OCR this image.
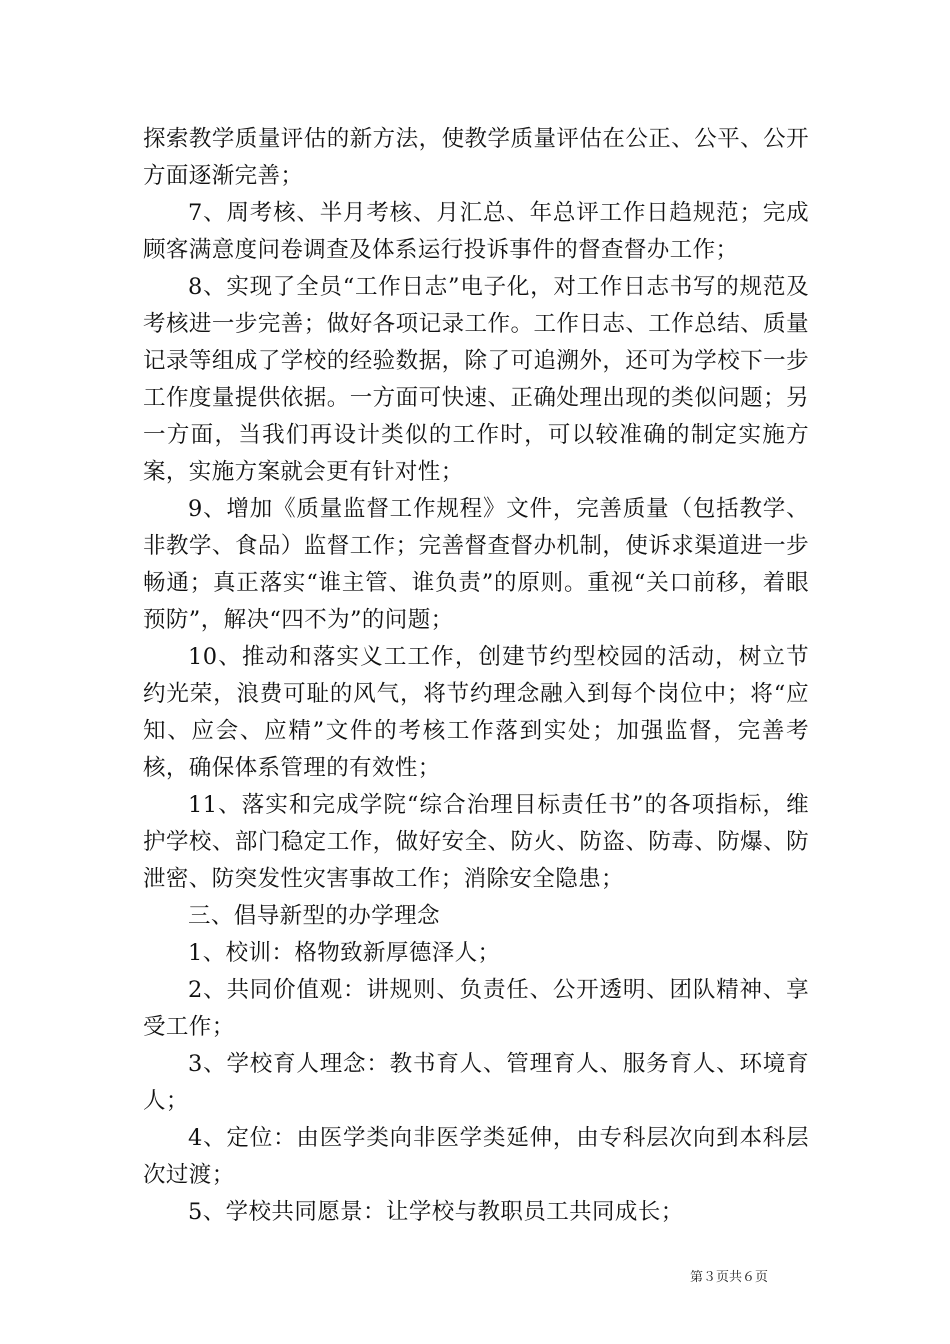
探索教学质量评估的新方法，使教学质量评估在公正、公平、公开方面逐渐完善；

7、周考核、半月考核、月汇总、年总评工作日趋规范；完成顾客满意度问卷调查及体系运行投诉事件的督查督办工作；

8、实现了全员“工作日志”电子化，对工作日志书写的规范及考核进一步完善；做好各项记录工作。工作日志、工作总结、质量记录等组成了学校的经验数据，除了可追溯外，还可为学校下一步工作度量提供依据。一方面可快速、正确处理出现的类似问题；另一方面，当我们再设计类似的工作时，可以较准确的制定实施方案，实施方案就会更有针对性；

9、增加《质量监督工作规程》文件，完善质量（包括教学、非教学、食品）监督工作；完善督查督办机制，使诉求渠道进一步畅通；真正落实“谁主管、谁负责”的原则。重视“关口前移，着眼预防”，解决“四不为”的问题；

10、推动和落实义工工作，创建节约型校园的活动，树立节约光荣，浪费可耻的风气，将节约理念融入到每个岗位中；将“应知、应会、应精”文件的考核工作落到实处；加强监督，完善考核，确保体系管理的有效性；

11、落实和完成学院“综合治理目标责任书”的各项指标，维护学校、部门稳定工作，做好安全、防火、防盗、防毒、防爆、防泄密、防突发性灾害事故工作；消除安全隐患；

三、倡导新型的办学理念

1、校训：格物致新厚德泽人；

2、共同价值观：讲规则、负责任、公开透明、团队精神、享受工作；

3、学校育人理念：教书育人、管理育人、服务育人、环境育人；

4、定位：由医学类向非医学类延伸，由专科层次向到本科层次过渡；

5、学校共同愿景：让学校与教职员工共同成长；

第３页共６页
